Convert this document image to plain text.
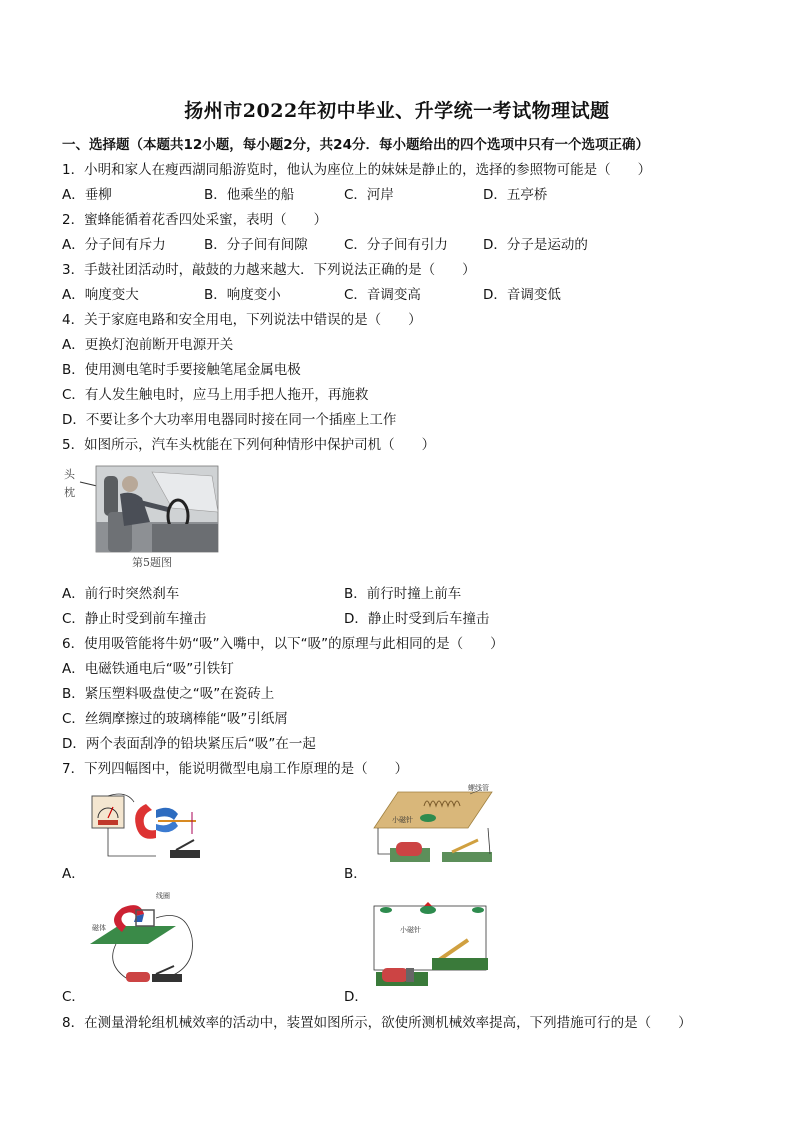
扬州市2022年初中毕业、升学统一考试物理试题
一、选择题（本题共12小题，每小题2分，共24分．每小题给出的四个选项中只有一个选项正确）
1．小明和家人在瘦西湖同船游览时，他认为座位上的妹妹是静止的，选择的参照物可能是（　　）
A．垂柳	B．他乘坐的船	C．河岸	D．五亭桥
2．蜜蜂能循着花香四处采蜜，表明（　　）
A．分子间有斥力	B．分子间有间隙	C．分子间有引力	D．分子是运动的
3．手鼓社团活动时，敲鼓的力越来越大．下列说法正确的是（　　）
A．响度变大	B．响度变小	C．音调变高	D．音调变低
4．关于家庭电路和安全用电，下列说法中错误的是（　　）
A．更换灯泡前断开电源开关
B．使用测电笔时手要接触笔尾金属电极
C．有人发生触电时，应马上用手把人拖开，再施救
D．不要让多个大功率用电器同时接在同一个插座上工作
5．如图所示，汽车头枕能在下列何种情形中保护司机（　　）
头枕
第5题图
A．前行时突然刹车	B．前行时撞上前车
C．静止时受到前车撞击	D．静止时受到后车撞击
6．使用吸管能将牛奶“吸”入嘴中，以下“吸”的原理与此相同的是（　　）
A．电磁铁通电后“吸”引铁钉
B．紧压塑料吸盘使之“吸”在瓷砖上
C．丝绸摩擦过的玻璃棒能“吸”引纸屑
D．两个表面刮净的铅块紧压后“吸”在一起
7．下列四幅图中，能说明微型电扇工作原理的是（　　）
A．
螺线管
小磁针
B．
线圈
磁体
C．
小磁针
D．
8．在测量滑轮组机械效率的活动中，装置如图所示，欲使所测机械效率提高，下列措施可行的是（　　）
